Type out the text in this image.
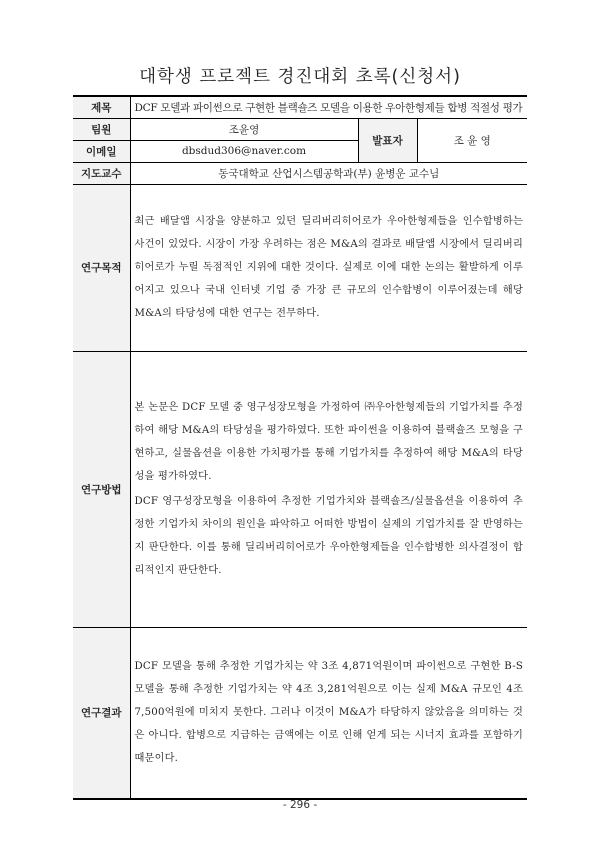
대학생 프로젝트 경진대회 초록(신청서)
제목	DCF 모델과 파이썬으로 구현한 블랙숄즈 모델을 이용한 우아한형제들 합병 적절성 평가		
팀원	조윤영	발표자	조 윤 영
이메일	dbsdud306@naver.com		
지도교수	동국대학교 산업시스템공학과(부) 윤병운 교수님		
연구목적	최근 배달앱 시장을 양분하고 있던 딜리버리히어로가 우아한형제들을 인수합병하는 사건이 있었다. 시장이 가장 우려하는 점은 M&A의 결과로 배달앱 시장에서 딜리버리히어로가 누릴 독점적인 지위에 대한 것이다. 실제로 이에 대한 논의는 활발하게 이루어지고 있으나 국내 인터넷 기업 중 가장 큰 규모의 인수합병이 이루어졌는데 해당 M&A의 타당성에 대한 연구는 전무하다.		

연구방법	본 논문은 DCF 모델 중 영구성장모형을 가정하여 ㈜우아한형제들의 기업가치를 추정하여 해당 M&A의 타당성을 평가하였다. 또한 파이썬을 이용하여 블랙숄즈 모형을 구현하고, 실물옵션을 이용한 가치평가를 통해 기업가치를 추정하여 해당 M&A의 타당성을 평가하였다.

DCF 영구성장모형을 이용하여 추정한 기업가치와 블랙숄즈/실물옵션을 이용하여 추정한 기업가치 차이의 원인을 파악하고 어떠한 방법이 실제의 기업가치를 잘 반영하는지 판단한다. 이를 통해 딜리버리히어로가 우아한형제들을 인수합병한 의사결정이 합리적인지 판단한다.		

연구결과	DCF 모델을 통해 추정한 기업가치는 약 3조 4,871억원이며 파이썬으로 구현한 B-S 모델을 통해 추정한 기업가치는 약 4조 3,281억원으로 이는 실제 M&A 규모인 4조 7,500억원에 미치지 못한다. 그러나 이것이 M&A가 타당하지 않았음을 의미하는 것은 아니다. 합병으로 지급하는 금액에는 이로 인해 얻게 되는 시너지 효과를 포함하기 때문이다.		

- 296 -
